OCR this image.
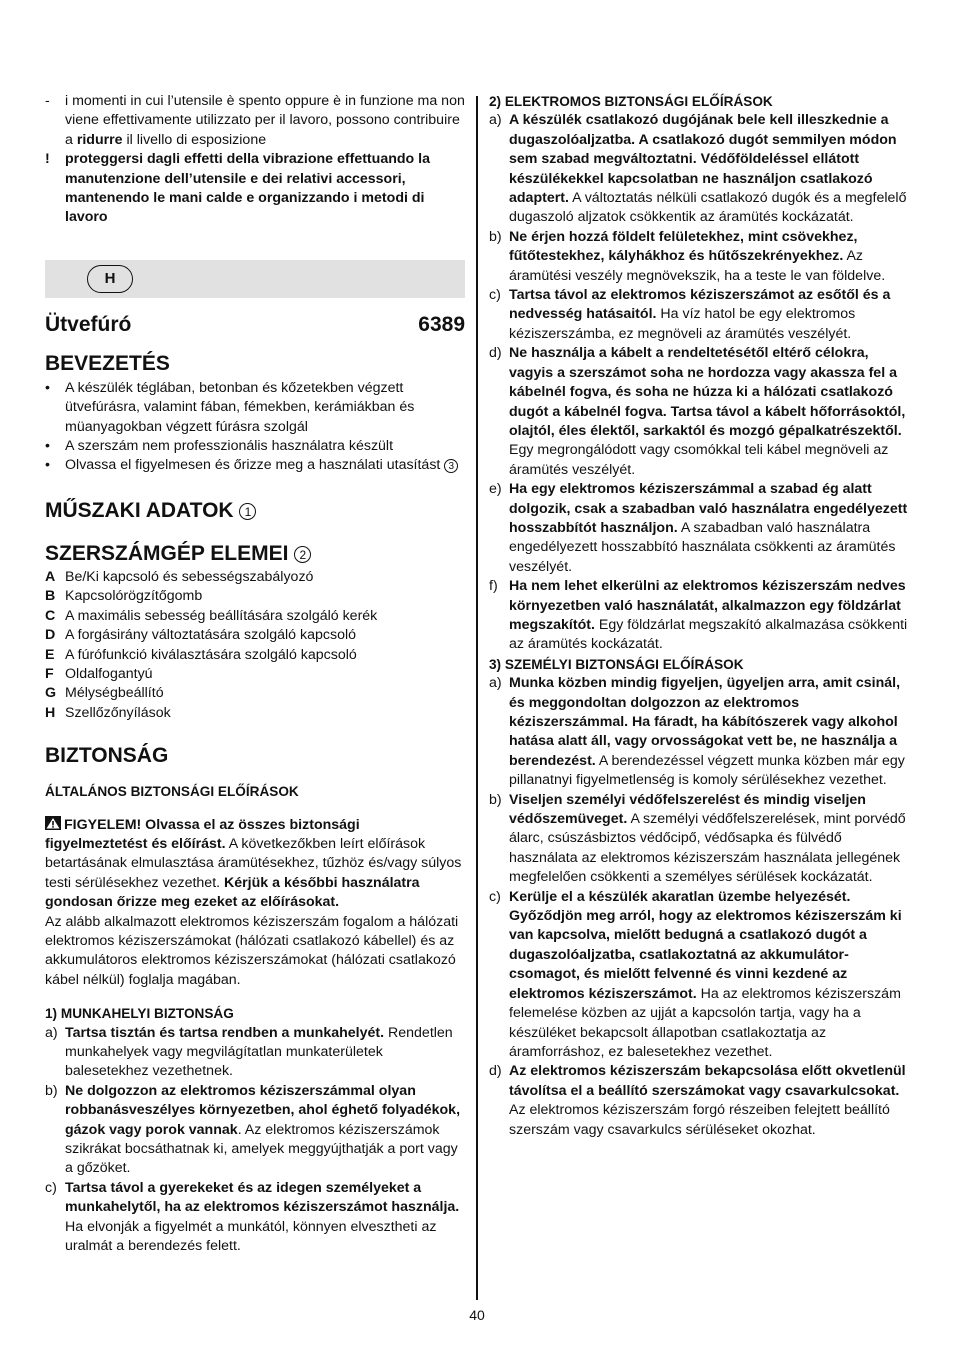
- i momenti in cui l’utensile è spento oppure è in funzione ma non viene effettivamente utilizzato per il lavoro, possono contribuire a ridurre il livello di esposizione
! proteggersi dagli effetti della vibrazione effettuando la manutenzione dell’utensile e dei relativi accessori, mantenendo le mani calde e organizzando i metodi di lavoro
H
Ütvefúró	6389
BEVEZETÉS
• A készülék téglában, betonban és kőzetekben végzett ütvefúrásra, valamint fában, fémekben, kerámiákban és müanyagokban végzett fúrásra szolgál
• A szerszám nem professzionális használatra készült
• Olvassa el figyelmesen és őrizze meg a használati utasítást 3
MŰSZAKI ADATOK 1
SZERSZÁMGÉP ELEMEI 2
A Be/Ki kapcsoló és sebességszabályozó
B Kapcsolórögzítőgomb
C A maximális sebesség beállítására szolgáló kerék
D A forgásirány változtatására szolgáló kapcsoló
E A fúrófunkció kiválasztására szolgáló kapcsoló
F Oldalfogantyú
G Mélységbeállító
H Szellőzőnyílások
BIZTONSÁG
ÁLTALÁNOS BIZTONSÁGI ELŐÍRÁSOK
FIGYELEM! Olvassa el az összes biztonsági figyelmeztetést és előírást. A következőkben leírt előírások betartásának elmulasztása áramütésekhez, tűzhöz és/vagy súlyos testi sérülésekhez vezethet. Kérjük a későbbi használatra gondosan őrizze meg ezeket az előírásokat.
Az alább alkalmazott elektromos kéziszerszám fogalom a hálózati elektromos kéziszerszámokat (hálózati csatlakozó kábellel) és az akkumulátoros elektromos kéziszerszámokat (hálózati csatlakozó kábel nélkül) foglalja magában.
1) MUNKAHELYI BIZTONSÁG
a) Tartsa tisztán és tartsa rendben a munkahelyét. Rendetlen munkahelyek vagy megvilágítatlan munkaterületek balesetekhez vezethetnek.
b) Ne dolgozzon az elektromos kéziszerszámmal olyan robbanásveszélyes környezetben, ahol éghető folyadékok, gázok vagy porok vannak. Az elektromos kéziszerszámok szikrákat bocsáthatnak ki, amelyek meggyújthatják a port vagy a gőzöket.
c) Tartsa távol a gyerekeket és az idegen személyeket a munkahelytől, ha az elektromos kéziszerszámot használja. Ha elvonják a figyelmét a munkától, könnyen elvesztheti az uralmát a berendezés felett.
2) ELEKTROMOS BIZTONSÁGI ELŐÍRÁSOK
a) A készülék csatlakozó dugójának bele kell illeszkednie a dugaszolóaljzatba. A csatlakozó dugót semmilyen módon sem szabad megváltoztatni. Védőföldeléssel ellátott készülékekkel kapcsolatban ne használjon csatlakozó adaptert. A változtatás nélküli csatlakozó dugók és a megfelelő dugaszoló aljzatok csökkentik az áramütés kockázatát.
b) Ne érjen hozzá földelt felületekhez, mint csövekhez, fűtőtestekhez, kályhákhoz és hűtőszekrényekhez. Az áramütési veszély megnövekszik, ha a teste le van földelve.
c) Tartsa távol az elektromos kéziszerszámot az esőtől és a nedvesség hatásaitól. Ha víz hatol be egy elektromos kéziszerszámba, ez megnöveli az áramütés veszélyét.
d) Ne használja a kábelt a rendeltetésétől eltérő célokra, vagyis a szerszámot soha ne hordozza vagy akassza fel a kábelnél fogva, és soha ne húzza ki a hálózati csatlakozó dugót a kábelnél fogva. Tartsa távol a kábelt hőforrásoktól, olajtól, éles élektől, sarkaktól és mozgó gépalkatrészektől. Egy megrongálódott vagy csomókkal teli kábel megnöveli az áramütés veszélyét.
e) Ha egy elektromos kéziszerszámmal a szabad ég alatt dolgozik, csak a szabadban való használatra engedélyezett hosszabbítót használjon. A szabadban való használatra engedélyezett hosszabbító használata csökkenti az áramütés veszélyét.
f) Ha nem lehet elkerülni az elektromos kéziszerszám nedves környezetben való használatát, alkalmazzon egy földzárlat megszakítót. Egy földzárlat megszakító alkalmazása csökkenti az áramütés kockázatát.
3) SZEMÉLYI BIZTONSÁGI ELŐÍRÁSOK
a) Munka közben mindig figyeljen, ügyeljen arra, amit csinál, és meggondoltan dolgozzon az elektromos kéziszerszámmal. Ha fáradt, ha kábítószerek vagy alkohol hatása alatt áll, vagy orvosságokat vett be, ne használja a berendezést. A berendezéssel végzett munka közben már egy pillanatnyi figyelmetlenség is komoly sérülésekhez vezethet.
b) Viseljen személyi védőfelszerelést és mindig viseljen védőszemüveget. A személyi védőfelszerelések, mint porvédő álarc, csúszásbiztos védőcipő, védősapka és fülvédő használata az elektromos kéziszerszám használata jellegének megfelelően csökkenti a személyes sérülések kockázatát.
c) Kerülje el a készülék akaratlan üzembe helyezését. Győződjön meg arról, hogy az elektromos kéziszerszám ki van kapcsolva, mielőtt bedugná a csatlakozó dugót a dugaszolóaljzatba, csatlakoztatná az akkumulátor-csomagot, és mielőtt felvenné és vinni kezdené az elektromos kéziszerszámot. Ha az elektromos kéziszerszám felemelése közben az ujját a kapcsolón tartja, vagy ha a készüléket bekapcsolt állapotban csatlakoztatja az áramforráshoz, ez balesetekhez vezethet.
d) Az elektromos kéziszerszám bekapcsolása előtt okvetlenül távolítsa el a beállító szerszámokat vagy csavarkulcsokat. Az elektromos kéziszerszám forgó részeiben felejtett beállító szerszám vagy csavarkulcs sérüléseket okozhat.
40
